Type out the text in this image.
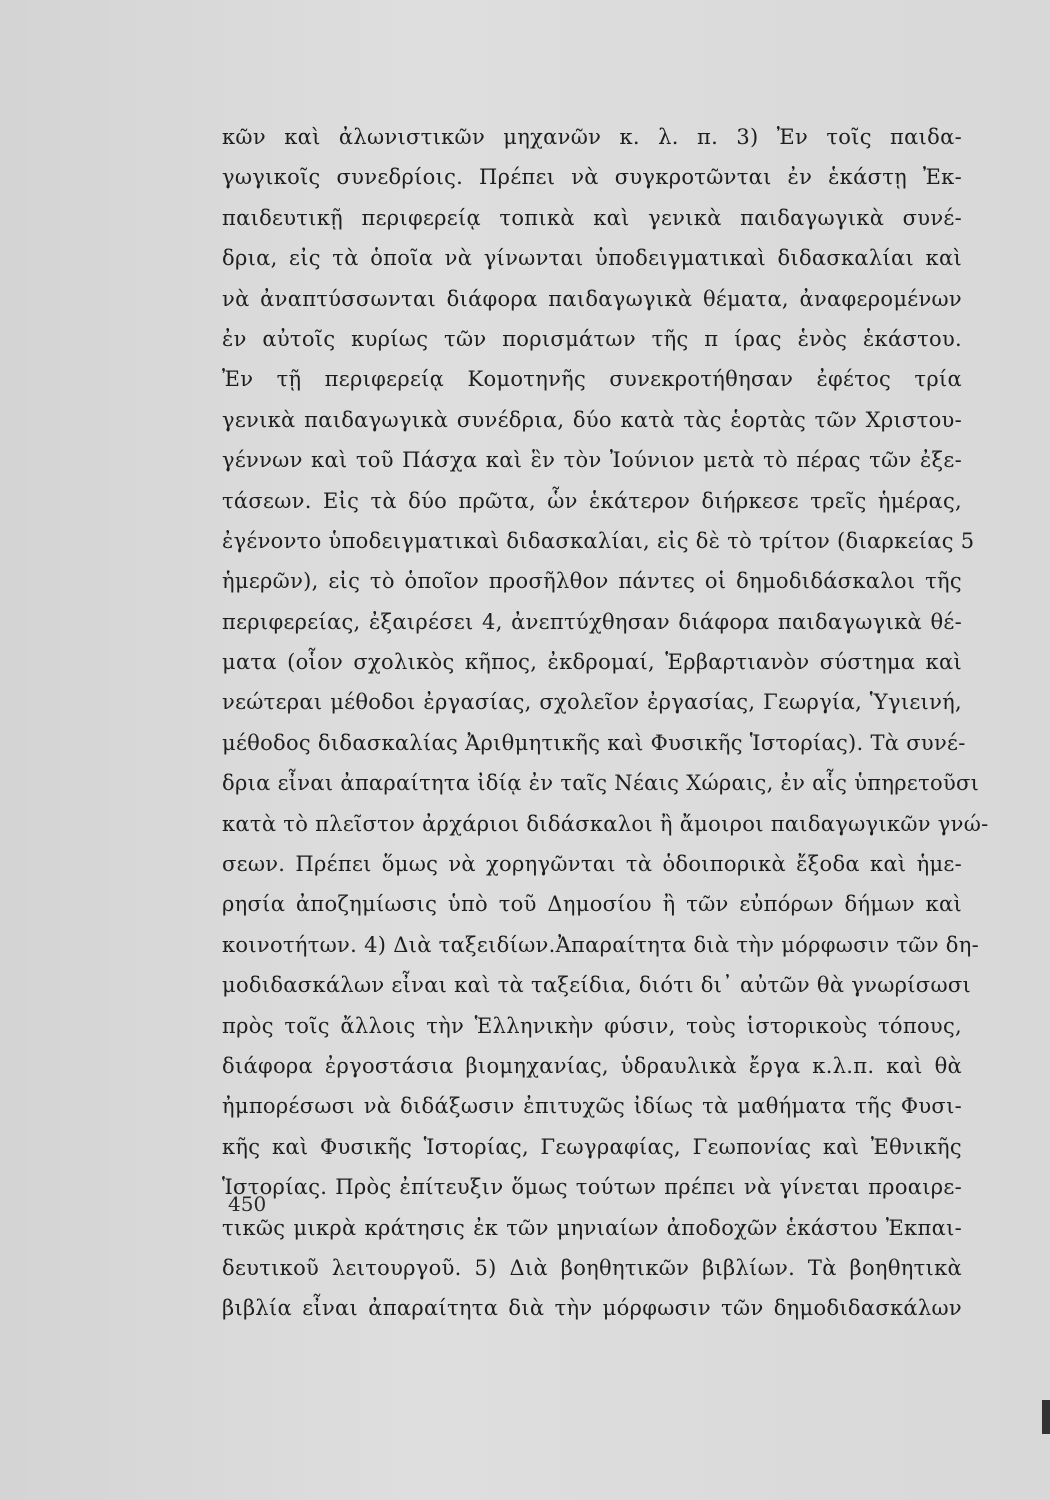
κῶν καὶ ἀλωνιστικῶν μηχανῶν κ. λ. π. 3) Ἐν τοῖς παιδα-
γωγικοῖς συνεδρίοις. Πρέπει νὰ συγκροτῶνται ἐν ἑκάστῃ Ἐκ-
παιδευτικῇ περιφερείᾳ τοπικὰ καὶ γενικὰ παιδαγωγικὰ συνέ-
δρια, εἰς τὰ ὁποῖα νὰ γίνωνται ὑποδειγματικαὶ διδασκαλίαι καὶ
νὰ ἀναπτύσσωνται διάφορα παιδαγωγικὰ θέματα, ἀναφερομένων
ἐν αὐτοῖς κυρίως τῶν πορισμάτων τῆς π ίρας ἑνὸς ἑκάστου.
Ἐν τῇ περιφερείᾳ Κομοτηνῆς συνεκροτήθησαν ἐφέτος τρία
γενικὰ παιδαγωγικὰ συνέδρια, δύο κατὰ τὰς ἑορτὰς τῶν Χριστου-
γέννων καὶ τοῦ Πάσχα καὶ ἓν τὸν Ἰούνιον μετὰ τὸ πέρας τῶν ἐξε-
τάσεων. Εἰς τὰ δύο πρῶτα, ὧν ἑκάτερον διήρκεσε τρεῖς ἡμέρας,
ἐγένοντο ὑποδειγματικαὶ διδασκαλίαι, εἰς δὲ τὸ τρίτον (διαρκείας 5
ἡμερῶν), εἰς τὸ ὁποῖον προσῆλθον πάντες οἱ δημοδιδάσκαλοι τῆς
περιφερείας, ἐξαιρέσει 4, ἀνεπτύχθησαν διάφορα παιδαγωγικὰ θέ-
ματα (οἷον σχολικὸς κῆπος, ἐκδρομαί, Ἑρβαρτιανὸν σύστημα καὶ
νεώτεραι μέθοδοι ἐργασίας, σχολεῖον ἐργασίας, Γεωργία, Ὑγιεινή,
μέθοδος διδασκαλίας Ἀριθμητικῆς καὶ Φυσικῆς Ἱστορίας). Τὰ συνέ-
δρια εἶναι ἀπαραίτητα ἰδίᾳ ἐν ταῖς Νέαις Χώραις, ἐν αἷς ὑπηρετοῦσι
κατὰ τὸ πλεῖστον ἀρχάριοι διδάσκαλοι ἢ ἄμοιροι παιδαγωγικῶν γνώ-
σεων. Πρέπει ὅμως νὰ χορηγῶνται τὰ ὁδοιπορικὰ ἔξοδα καὶ ἡμε-
ρησία ἀποζημίωσις ὑπὸ τοῦ Δημοσίου ἢ τῶν εὐπόρων δήμων καὶ
κοινοτήτων. 4) Διὰ ταξειδίων.Ἀπαραίτητα διὰ τὴν μόρφωσιν τῶν δη-
μοδιδασκάλων εἶναι καὶ τὰ ταξείδια, διότι δι᾽ αὐτῶν θὰ γνωρίσωσι
πρὸς τοῖς ἄλλοις τὴν Ἑλληνικὴν φύσιν, τοὺς ἱστορικοὺς τόπους,
διάφορα ἐργοστάσια βιομηχανίας, ὑδραυλικὰ ἔργα κ.λ.π. καὶ θὰ
ἠμπορέσωσι νὰ διδάξωσιν ἐπιτυχῶς ἰδίως τὰ μαθήματα τῆς Φυσι-
κῆς καὶ Φυσικῆς Ἱστορίας, Γεωγραφίας, Γεωπονίας καὶ Ἐθνικῆς
Ἱστορίας. Πρὸς ἐπίτευξιν ὅμως τούτων πρέπει νὰ γίνεται προαιρε-
τικῶς μικρὰ κράτησις ἐκ τῶν μηνιαίων ἀποδοχῶν ἑκάστου Ἐκπαι-
δευτικοῦ λειτουργοῦ. 5) Διὰ βοηθητικῶν βιβλίων. Τὰ βοηθητικὰ
βιβλία εἶναι ἀπαραίτητα διὰ τὴν μόρφωσιν τῶν δημοδιδασκάλων
450
